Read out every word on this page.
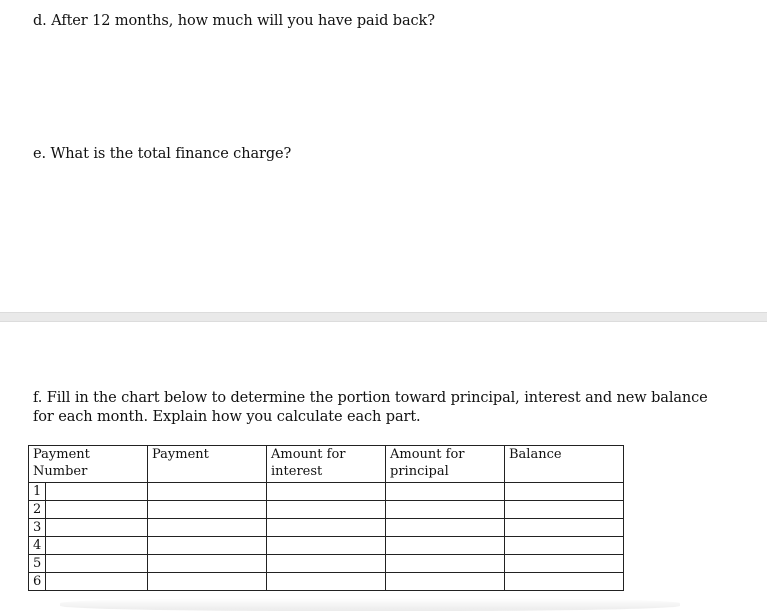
d. After 12 months, how much will you have paid back?
e. What is the total finance charge?
f. Fill in the chart below to determine the portion toward principal, interest and new balance for each month. Explain how you calculate each part.
Payment Number	Payment	Amount for interest	Amount for principal	Balance
1				
2				
3				
4				
5				
6				
